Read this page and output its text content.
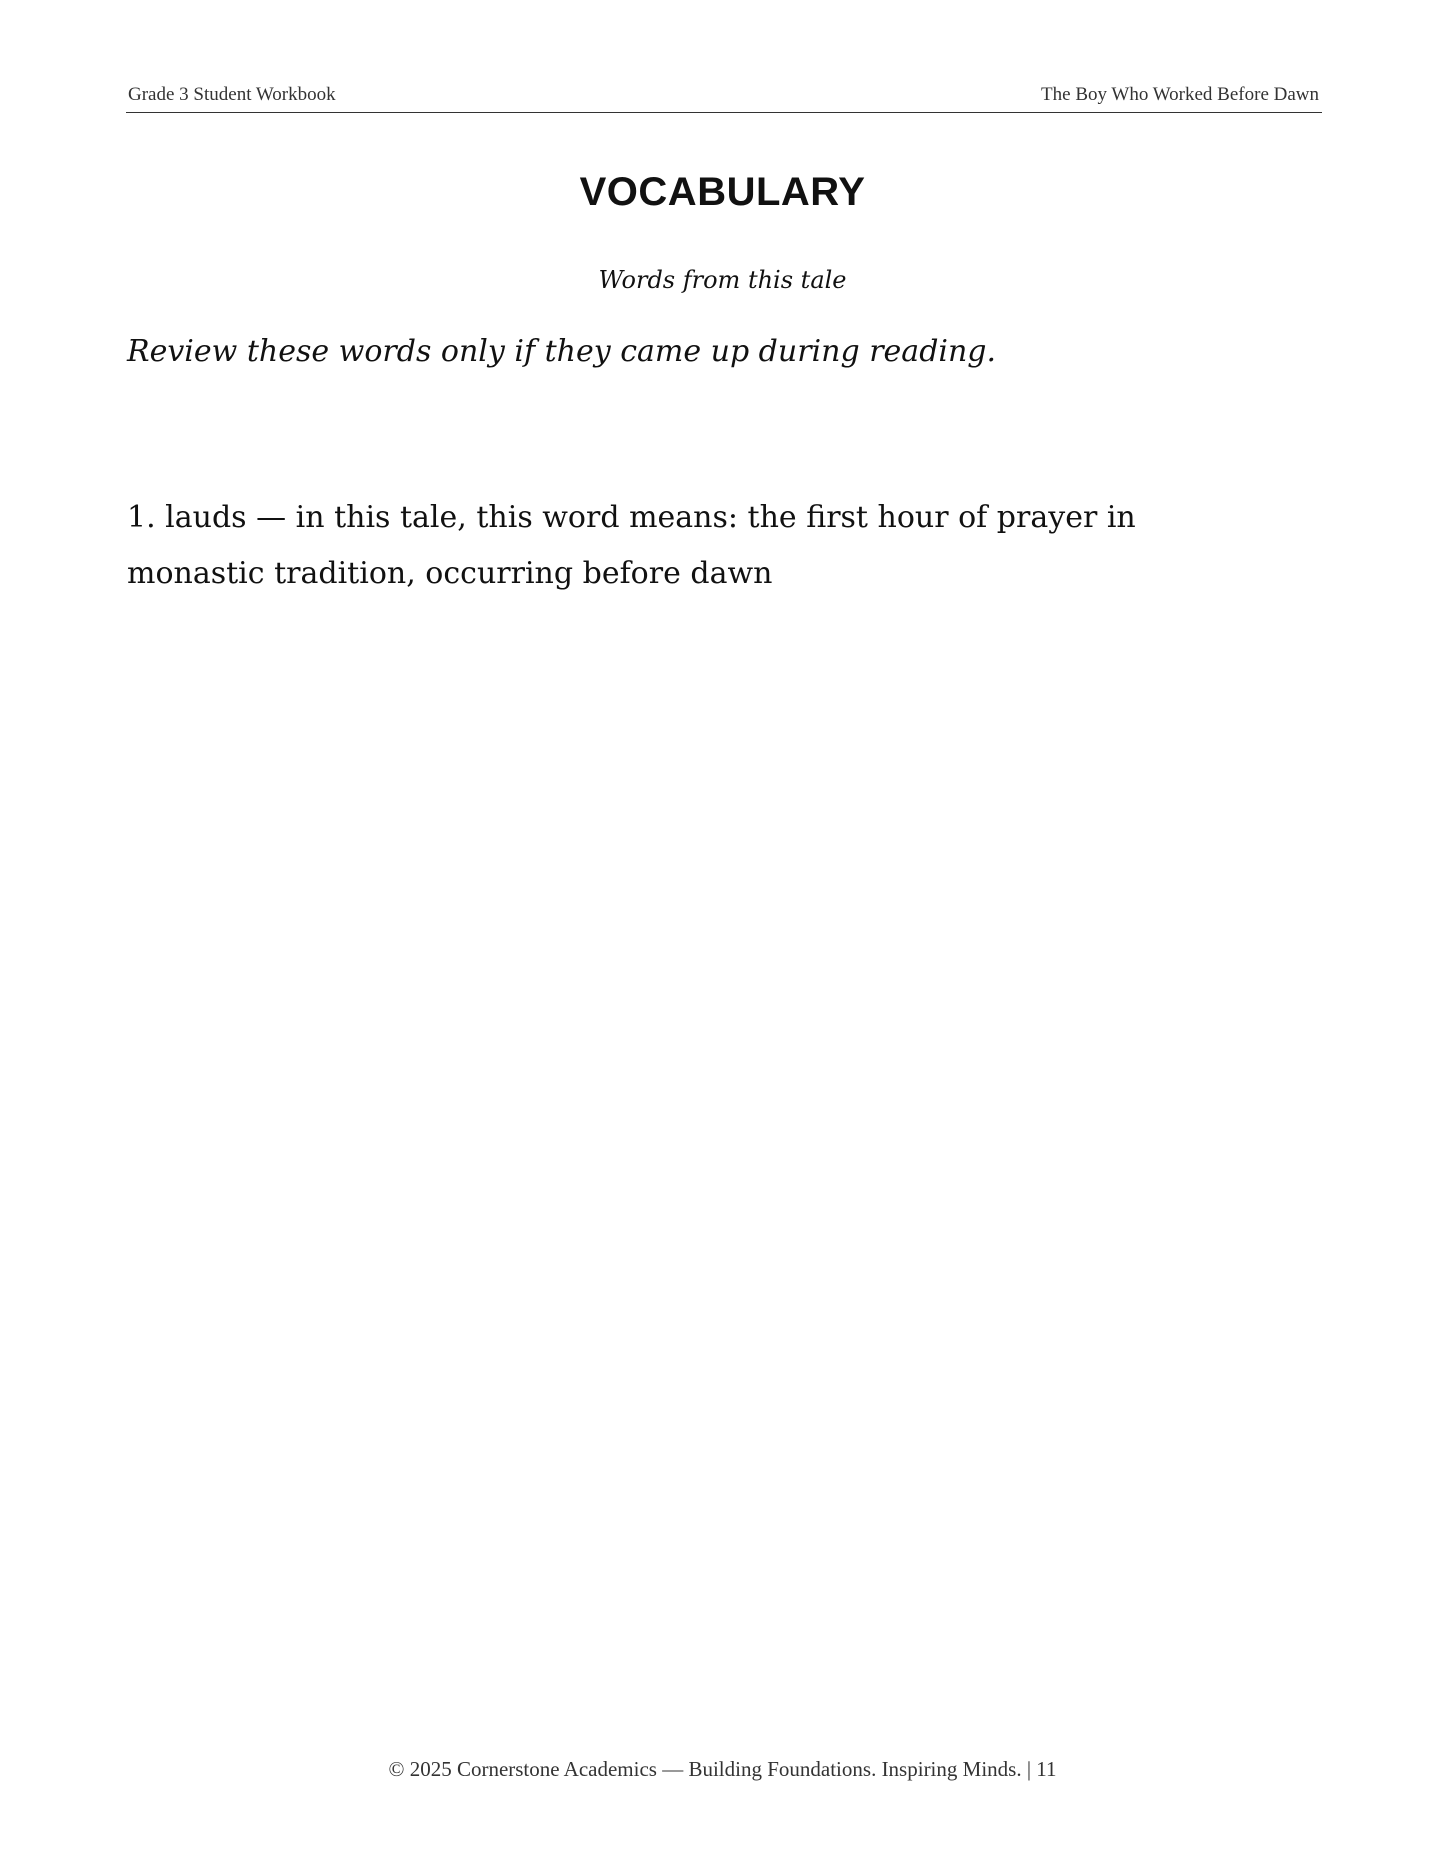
Grade 3 Student Workbook	The Boy Who Worked Before Dawn
VOCABULARY
Words from this tale
Review these words only if they came up during reading.

1. lauds — in this tale, this word means: the first hour of prayer in monastic tradition, occurring before dawn

© 2025 Cornerstone Academics — Building Foundations. Inspiring Minds. | 11
